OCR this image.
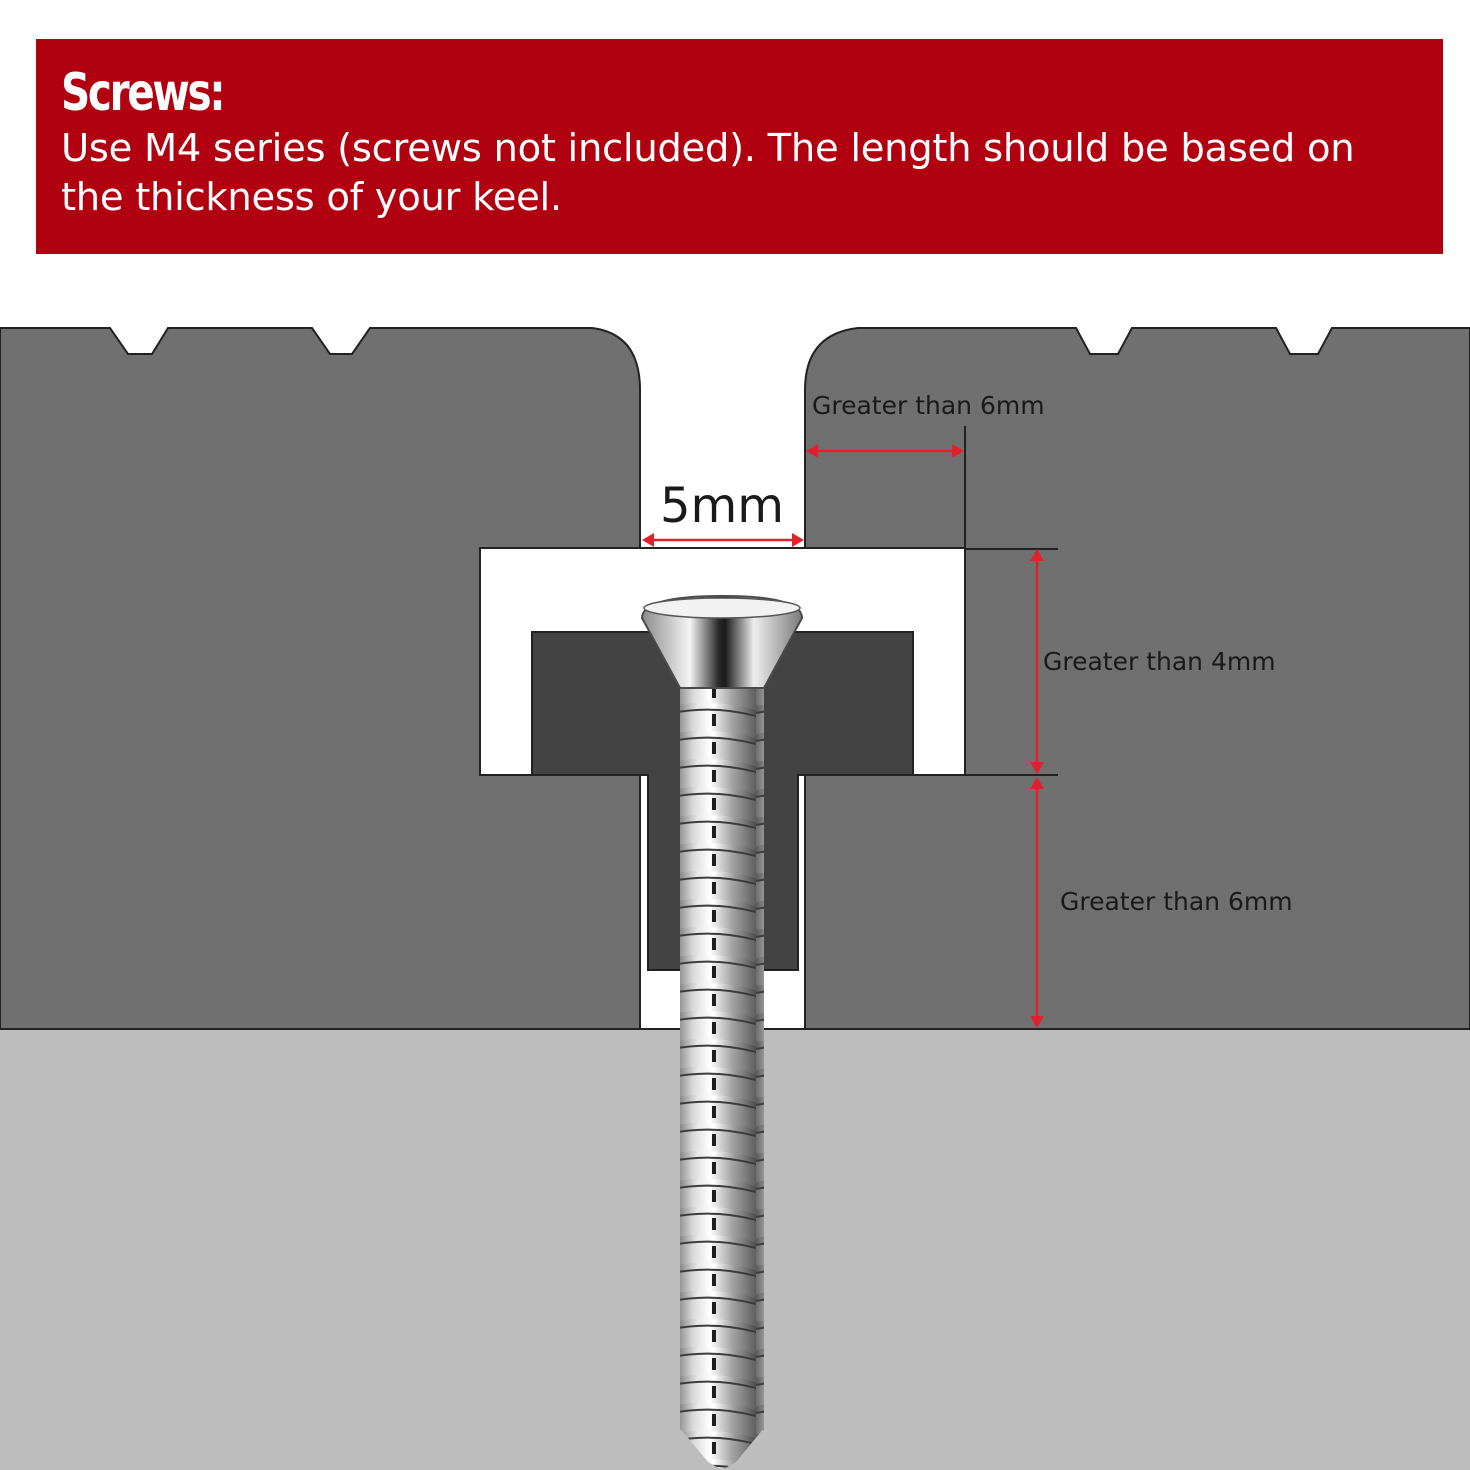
Screws:
Use M4 series (screws not included). The length should be based on the thickness of your keel.
5mm
Greater than 6mm
Greater than 4mm
Greater than 6mm
